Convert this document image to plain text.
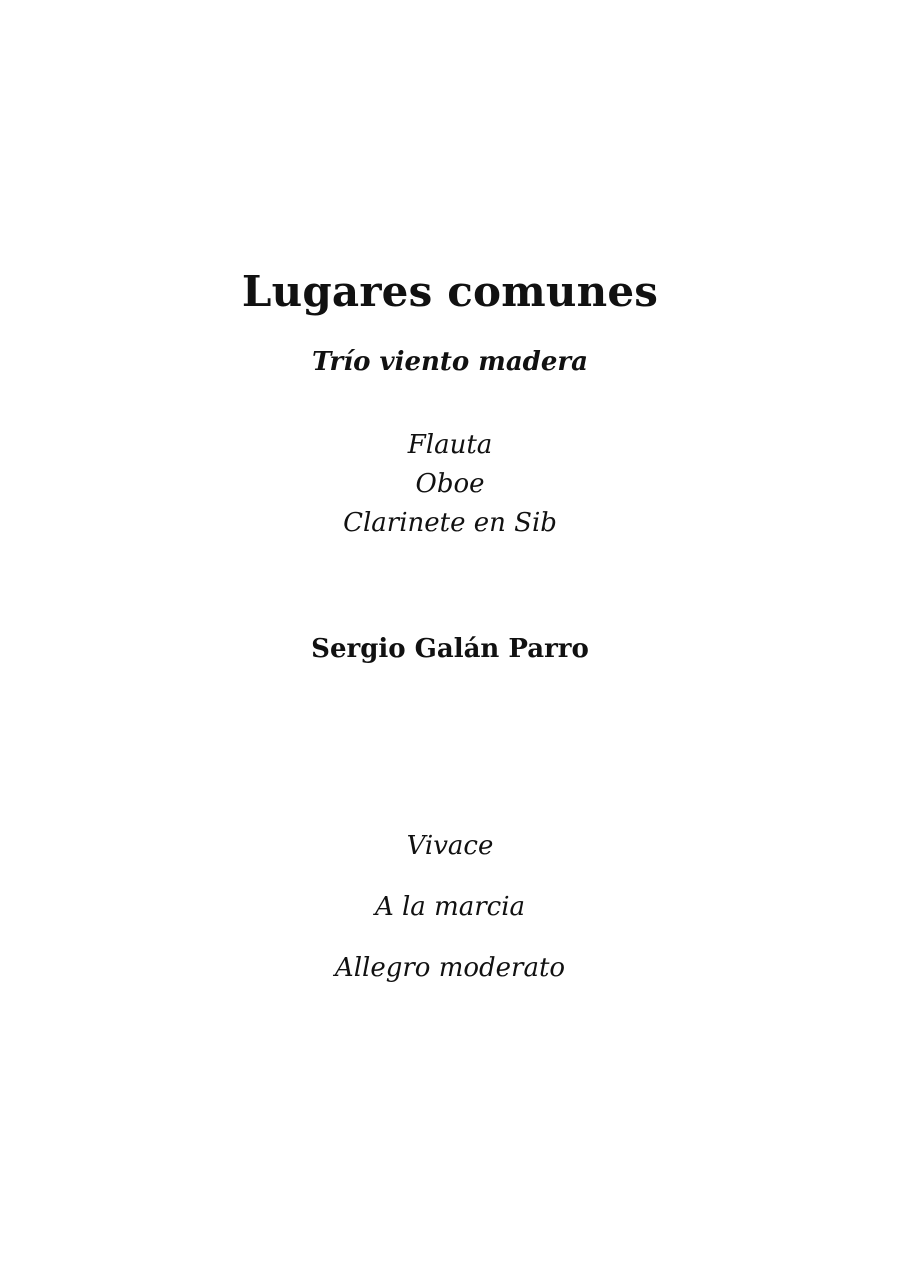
Lugares comunes
Trío viento madera
Flauta
Oboe
Clarinete en Sib
Sergio Galán Parro
Vivace
A la marcia
Allegro moderato
